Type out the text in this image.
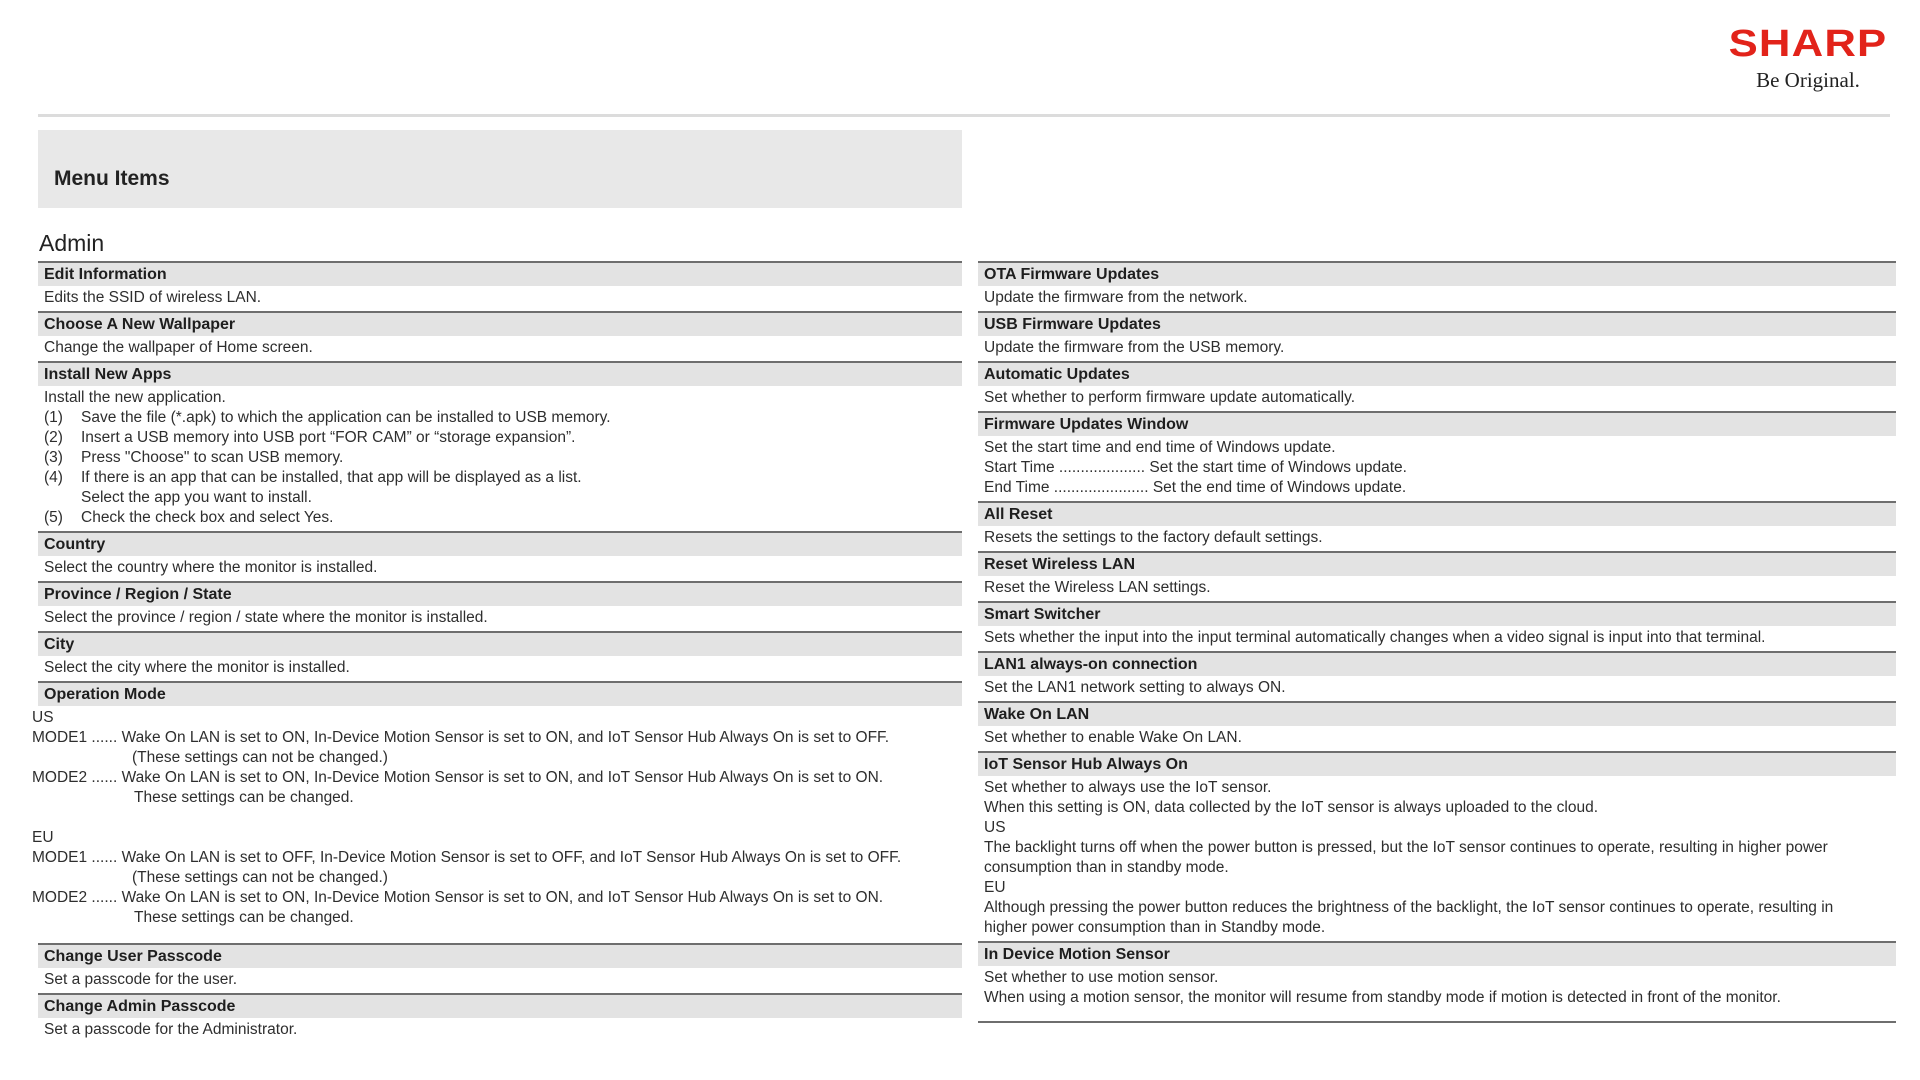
SHARP
Be Original.
Menu Items
Admin
Edit Information
Edits the SSID of wireless LAN.
Choose A New Wallpaper
Change the wallpaper of Home screen.
Install New Apps
Install the new application.
(1) Save the file (*.apk) to which the application can be installed to USB memory.
(2) Insert a USB memory into USB port “FOR CAM” or “storage expansion”.
(3) Press "Choose" to scan USB memory.
(4) If there is an app that can be installed, that app will be displayed as a list.
Select the app you want to install.
(5) Check the check box and select Yes.
Country
Select the country where the monitor is installed.
Province / Region / State
Select the province / region / state where the monitor is installed.
City
Select the city where the monitor is installed.
Operation Mode
US
MODE1 ...... Wake On LAN is set to ON, In-Device Motion Sensor is set to ON, and IoT Sensor Hub Always On is set to OFF.
(These settings can not be changed.)
MODE2 ...... Wake On LAN is set to ON, In-Device Motion Sensor is set to ON, and IoT Sensor Hub Always On is set to ON.
These settings can be changed.
EU
MODE1 ...... Wake On LAN is set to OFF, In-Device Motion Sensor is set to OFF, and IoT Sensor Hub Always On is set to OFF.
(These settings can not be changed.)
MODE2 ...... Wake On LAN is set to ON, In-Device Motion Sensor is set to ON, and IoT Sensor Hub Always On is set to ON.
These settings can be changed.
Change User Passcode
Set a passcode for the user.
Change Admin Passcode
Set a passcode for the Administrator.
OTA Firmware Updates
Update the firmware from the network.
USB Firmware Updates
Update the firmware from the USB memory.
Automatic Updates
Set whether to perform firmware update automatically.
Firmware Updates Window
Set the start time and end time of Windows update.
Start Time .................... Set the start time of Windows update.
End Time ...................... Set the end time of Windows update.
All Reset
Resets the settings to the factory default settings.
Reset Wireless LAN
Reset the Wireless LAN settings.
Smart Switcher
Sets whether the input into the input terminal automatically changes when a video signal is input into that terminal.
LAN1 always-on connection
Set the LAN1 network setting to always ON.
Wake On LAN
Set whether to enable Wake On LAN.
IoT Sensor Hub Always On
Set whether to always use the IoT sensor.
When this setting is ON, data collected by the IoT sensor is always uploaded to the cloud.
US
The backlight turns off when the power button is pressed, but the IoT sensor continues to operate, resulting in higher power
consumption than in standby mode.
EU
Although pressing the power button reduces the brightness of the backlight, the IoT sensor continues to operate, resulting in
higher power consumption than in Standby mode.
In Device Motion Sensor
Set whether to use motion sensor.
When using a motion sensor, the monitor will resume from standby mode if motion is detected in front of the monitor.
